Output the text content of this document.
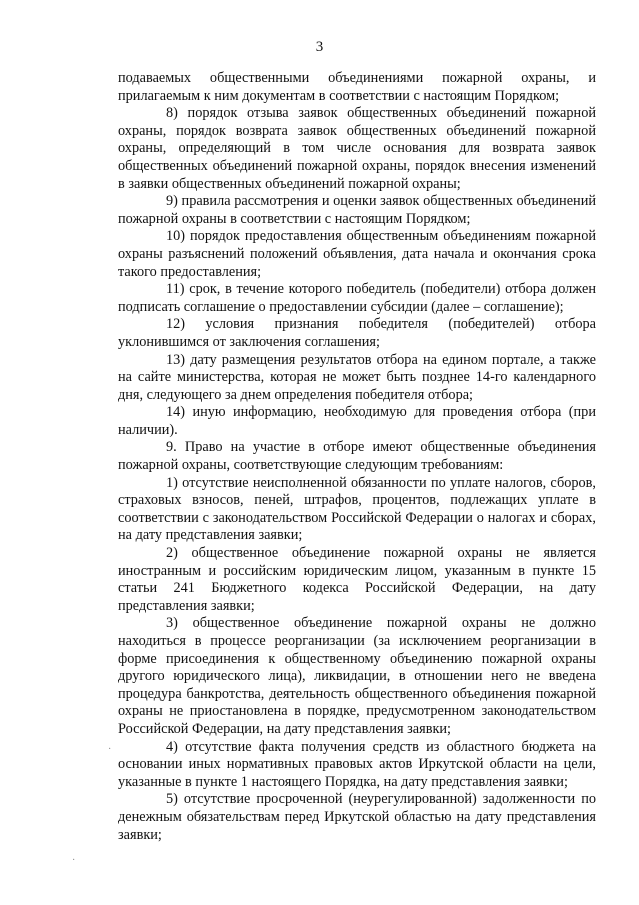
3

подаваемых общественными объединениями пожарной охраны, и прилагаемым к ним документам в соответствии с настоящим Порядком;

8) порядок отзыва заявок общественных объединений пожарной охраны, порядок возврата заявок общественных объединений пожарной охраны, определяющий в том числе основания для возврата заявок общественных объединений пожарной охраны, порядок внесения изменений в заявки общественных объединений пожарной охраны;

9) правила рассмотрения и оценки заявок общественных объединений пожарной охраны в соответствии с настоящим Порядком;

10) порядок предоставления общественным объединениям пожарной охраны разъяснений положений объявления, дата начала и окончания срока такого предоставления;

11) срок, в течение которого победитель (победители) отбора должен подписать соглашение о предоставлении субсидии (далее – соглашение);

12) условия признания победителя (победителей) отбора уклонившимся от заключения соглашения;

13) дату размещения результатов отбора на едином портале, а также на сайте министерства, которая не может быть позднее 14-го календарного дня, следующего за днем определения победителя отбора;

14) иную информацию, необходимую для проведения отбора (при наличии).

9. Право на участие в отборе имеют общественные объединения пожарной охраны, соответствующие следующим требованиям:

1) отсутствие неисполненной обязанности по уплате налогов, сборов, страховых взносов, пеней, штрафов, процентов, подлежащих уплате в соответствии с законодательством Российской Федерации о налогах и сборах, на дату представления заявки;

2) общественное объединение пожарной охраны не является иностранным и российским юридическим лицом, указанным в пункте 15 статьи 241 Бюджетного кодекса Российской Федерации, на дату представления заявки;

3) общественное объединение пожарной охраны не должно находиться в процессе реорганизации (за исключением реорганизации в форме присоединения к общественному объединению пожарной охраны другого юридического лица), ликвидации, в отношении него не введена процедура банкротства, деятельность общественного объединения пожарной охраны не приостановлена в порядке, предусмотренном законодательством Российской Федерации, на дату представления заявки;

4) отсутствие факта получения средств из областного бюджета на основании иных нормативных правовых актов Иркутской области на цели, указанные в пункте 1 настоящего Порядка, на дату представления заявки;

5) отсутствие просроченной (неурегулированной) задолженности по денежным обязательствам перед Иркутской областью на дату представления заявки;

·
·
